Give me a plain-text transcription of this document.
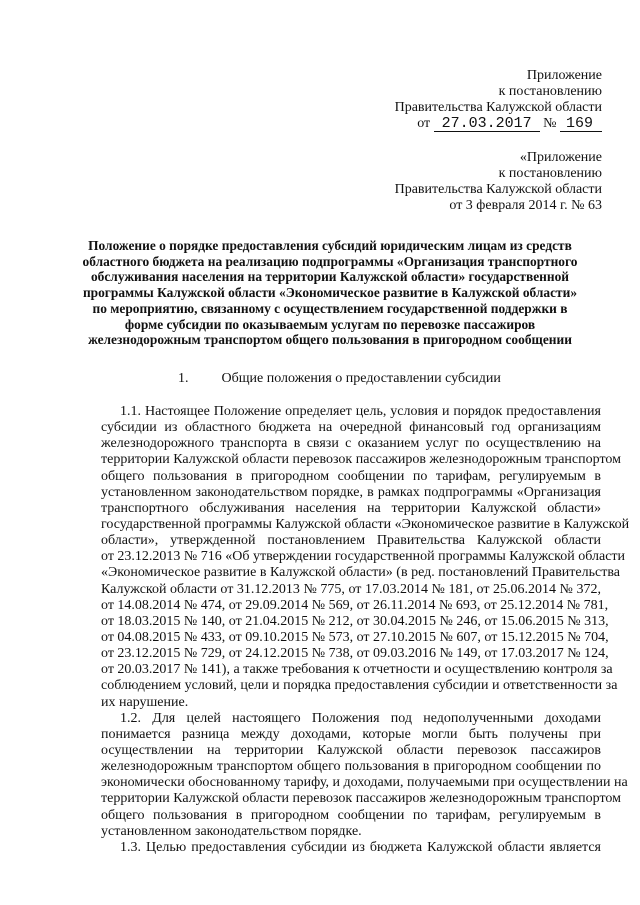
Приложение
к постановлению
Правительства Калужской области
от 27.03.2017 № 169
«Приложение
к постановлению
Правительства Калужской области
от 3 февраля 2014 г. № 63
Положение о порядке предоставления субсидий юридическим лицам из средств
областного бюджета на реализацию подпрограммы «Организация транспортного
обслуживания населения на территории Калужской области» государственной
программы Калужской области «Экономическое развитие в Калужской области»
по мероприятию, связанному с осуществлением государственной поддержки в
форме субсидии по оказываемым услугам по перевозке пассажиров
железнодорожным транспортом общего пользования в пригородном сообщении
1. Общие положения о предоставлении субсидии

1.1. Настоящее Положение определяет цель, условия и порядок предоставления
субсидии из областного бюджета на очередной финансовый год организациям
железнодорожного транспорта в связи с оказанием услуг по осуществлению на
территории Калужской области перевозок пассажиров железнодорожным транспортом
общего пользования в пригородном сообщении по тарифам, регулируемым в
установленном законодательством порядке, в рамках подпрограммы «Организация
транспортного обслуживания населения на территории Калужской области»
государственной программы Калужской области «Экономическое развитие в Калужской
области», утвержденной постановлением Правительства Калужской области
от 23.12.2013 № 716 «Об утверждении государственной программы Калужской области
«Экономическое развитие в Калужской области» (в ред. постановлений Правительства
Калужской области от 31.12.2013 № 775, от 17.03.2014 № 181, от 25.06.2014 № 372,
от 14.08.2014 № 474, от 29.09.2014 № 569, от 26.11.2014 № 693, от 25.12.2014 № 781,
от 18.03.2015 № 140, от 21.04.2015 № 212, от 30.04.2015 № 246, от 15.06.2015 № 313,
от 04.08.2015 № 433, от 09.10.2015 № 573, от 27.10.2015 № 607, от 15.12.2015 № 704,
от 23.12.2015 № 729, от 24.12.2015 № 738, от 09.03.2016 № 149, от 17.03.2017 № 124,
от 20.03.2017 № 141), а также требования к отчетности и осуществлению контроля за
соблюдением условий, цели и порядка предоставления субсидии и ответственности за
их нарушение.

1.2. Для целей настоящего Положения под недополученными доходами
понимается разница между доходами, которые могли быть получены при
осуществлении на территории Калужской области перевозок пассажиров
железнодорожным транспортом общего пользования в пригородном сообщении по
экономически обоснованному тарифу, и доходами, получаемыми при осуществлении на
территории Калужской области перевозок пассажиров железнодорожным транспортом
общего пользования в пригородном сообщении по тарифам, регулируемым в
установленном законодательством порядке.

1.3. Целью предоставления субсидии из бюджета Калужской области является
